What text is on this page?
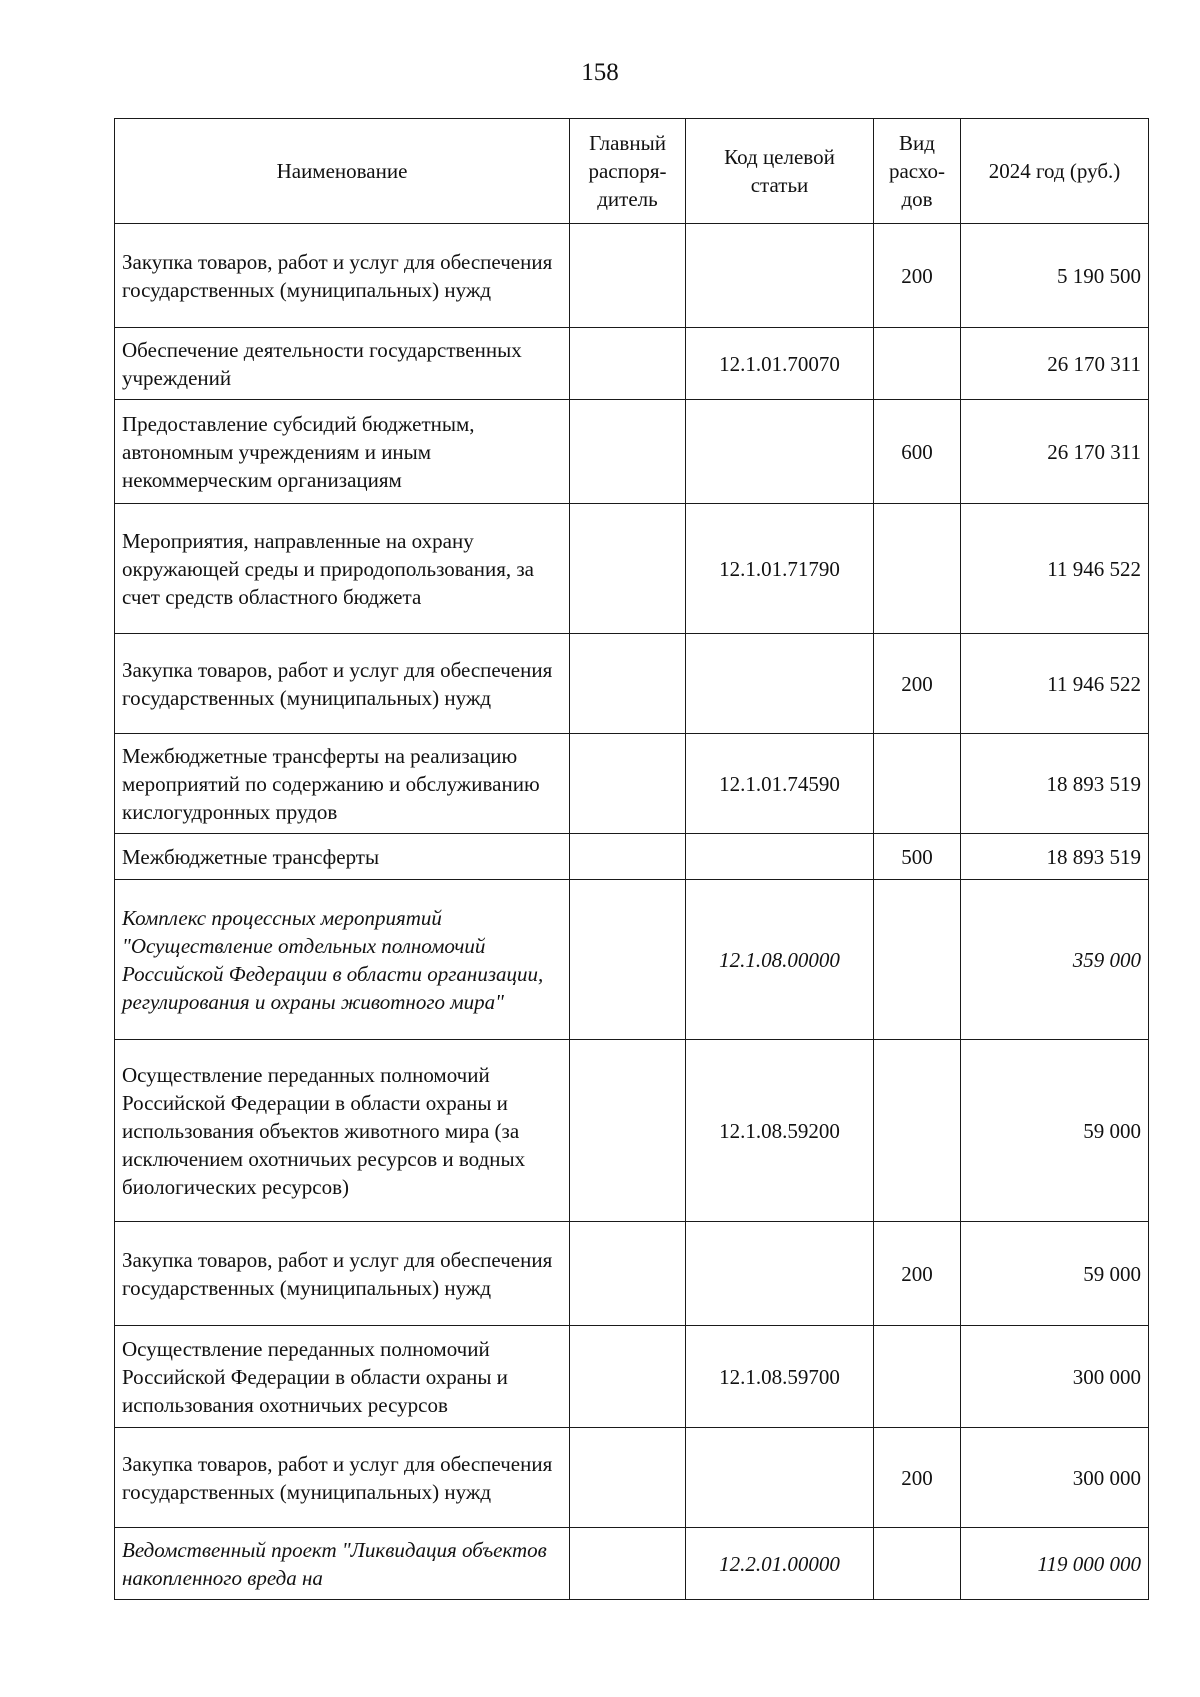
158
Наименование	Главный распоря-дитель	Код целевой статьи	Вид расхо-дов	2024 год (руб.)
Закупка товаров, работ и услуг для обеспечения государственных (муниципальных) нужд			200	5 190 500
Обеспечение деятельности государственных учреждений		12.1.01.70070		26 170 311
Предоставление субсидий бюджетным, автономным учреждениям и иным некоммерческим организациям			600	26 170 311
Мероприятия, направленные на охрану окружающей среды и природопользования, за счет средств областного бюджета		12.1.01.71790		11 946 522
Закупка товаров, работ и услуг для обеспечения государственных (муниципальных) нужд			200	11 946 522
Межбюджетные трансферты на реализацию мероприятий по содержанию и обслуживанию кислогудронных прудов		12.1.01.74590		18 893 519
Межбюджетные трансферты			500	18 893 519
Комплекс процессных мероприятий "Осуществление отдельных полномочий Российской Федерации в области организации, регулирования и охраны животного мира"		12.1.08.00000		359 000
Осуществление переданных полномочий Российской Федерации в области охраны и использования объектов животного мира (за исключением охотничьих ресурсов и водных биологических ресурсов)		12.1.08.59200		59 000
Закупка товаров, работ и услуг для обеспечения государственных (муниципальных) нужд			200	59 000
Осуществление переданных полномочий Российской Федерации в области охраны и использования охотничьих ресурсов		12.1.08.59700		300 000
Закупка товаров, работ и услуг для обеспечения государственных (муниципальных) нужд			200	300 000
Ведомственный проект "Ликвидация объектов накопленного вреда на		12.2.01.00000		119 000 000
